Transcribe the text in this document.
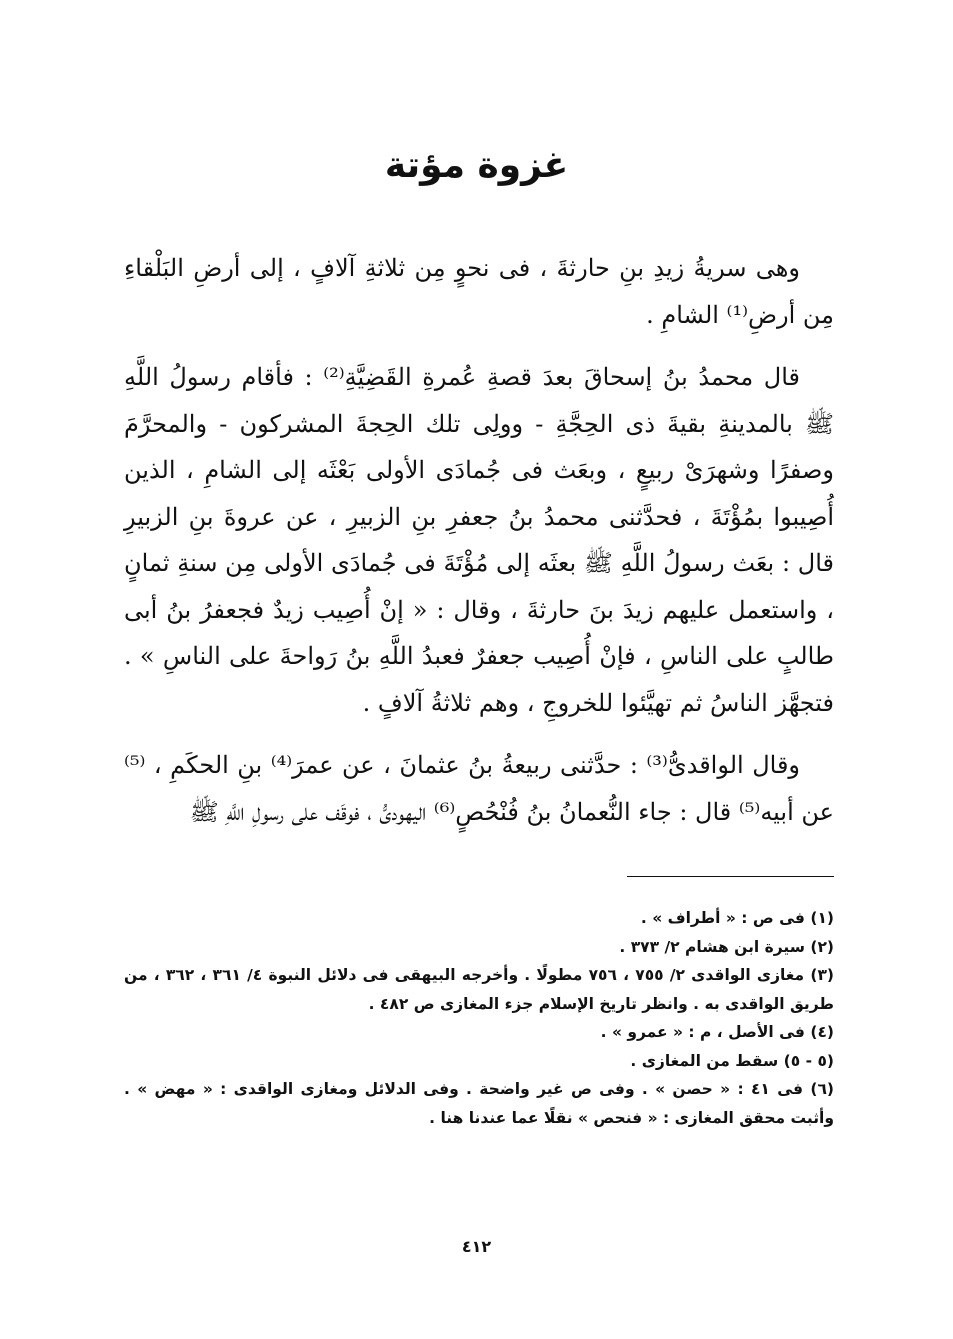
غزوة مؤتة

وهى سريةُ زيدِ بنِ حارثةَ ، فى نحوٍ مِن ثلاثةِ آلافٍ ، إلى أرضِ البَلْقاءِ مِن أرضِ⁽¹⁾ الشامِ .

قال محمدُ بنُ إسحاقَ بعدَ قصةِ عُمرةِ القَضِيَّةِ⁽²⁾ : فأقام رسولُ اللَّهِ ﷺ بالمدينةِ بقيةَ ذى الحِجَّةِ - وولِى تلك الحِجةَ المشركون - والمحرَّمَ وصفرًا وشهرَىْ ربيعٍ ، وبعَث فى جُمادَى الأولى بَعْثَه إلى الشامِ ، الذين أُصِيبوا بمُؤْتَةَ ، فحدَّثنى محمدُ بنُ جعفرِ بنِ الزبيرِ ، عن عروةَ بنِ الزبيرِ قال : بعَث رسولُ اللَّهِ ﷺ بعثَه إلى مُؤْتَةَ فى جُمادَى الأولى مِن سنةِ ثمانٍ ، واستعمل عليهم زيدَ بنَ حارثةَ ، وقال : « إنْ أُصِيب زيدٌ فجعفرُ بنُ أبى طالبٍ على الناسِ ، فإنْ أُصِيب جعفرٌ فعبدُ اللَّهِ بنُ رَواحةَ على الناسِ » . فتجهَّز الناسُ ثم تهيَّئوا للخروجِ ، وهم ثلاثةُ آلافٍ .

وقال الواقدىُّ⁽³⁾ : حدَّثنى ربيعةُ بنُ عثمانَ ، عن عمرَ⁽⁴⁾ بنِ الحكَمِ ، ⁽⁵⁾عن أبيه⁽⁵⁾ قال : جاء النُّعمانُ بنُ فُنْحُصٍ⁽⁶⁾ اليهودىُّ ، فوقَف على رسولِ اللَّهِ ﷺ

(١) فى ص : « أطراف » .

(٢) سيرة ابن هشام ٢/ ٣٧٣ .

(٣) مغازى الواقدى ٢/ ٧٥٥ ، ٧٥٦ مطولًا . وأخرجه البيهقى فى دلائل النبوة ٤/ ٣٦١ ، ٣٦٢ ، من طريق الواقدى به . وانظر تاريخ الإسلام جزء المغازى ص ٤٨٢ .

(٤) فى الأصل ، م : « عمرو » .

(٥ - ٥) سقط من المغازى .

(٦) فى ٤١ : « حصن » . وفى ص غير واضحة . وفى الدلائل ومغازى الواقدى : « مهض » . وأثبت محقق المغازى : « فنحص » نقلًا عما عندنا هنا .

٤١٢
